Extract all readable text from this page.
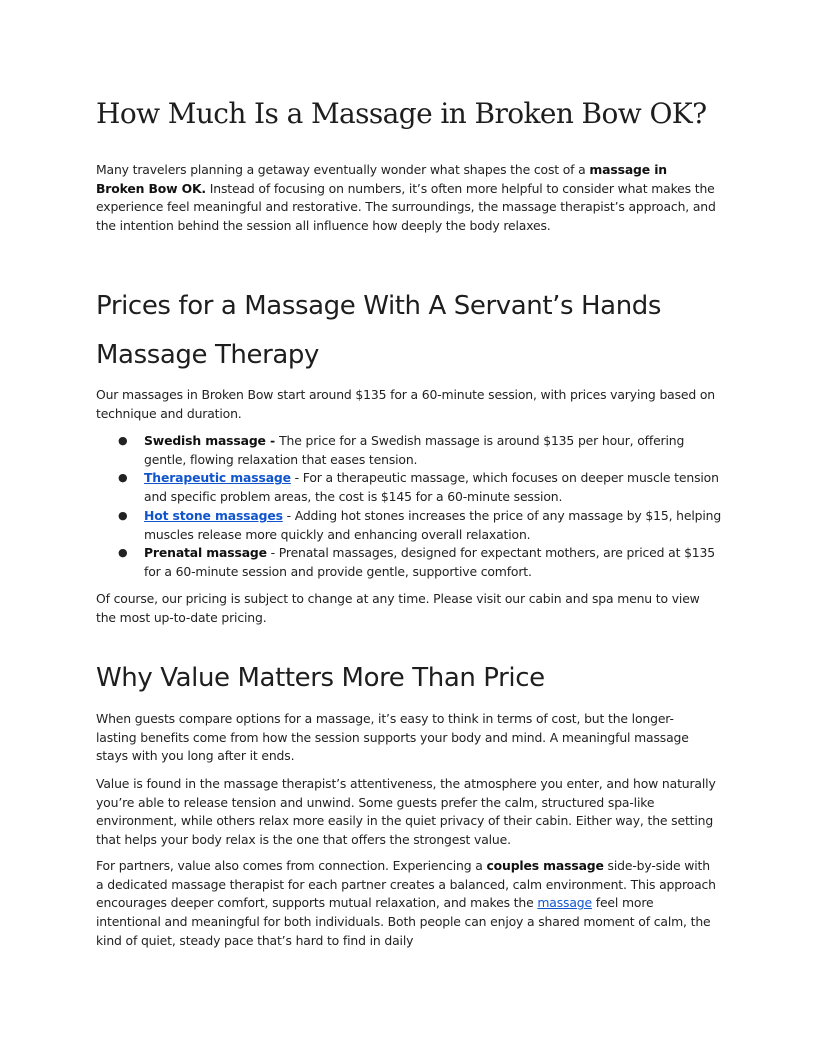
How Much Is a Massage in Broken Bow OK?

Many travelers planning a getaway eventually wonder what shapes the cost of a massage in Broken Bow OK. Instead of focusing on numbers, it’s often more helpful to consider what makes the experience feel meaningful and restorative. The surroundings, the massage therapist’s approach, and the intention behind the session all influence how deeply the body relaxes.

Prices for a Massage With A Servant’s Hands
Massage Therapy

Our massages in Broken Bow start around $135 for a 60-minute session, with prices varying based on technique and duration.

● Swedish massage - The price for a Swedish massage is around $135 per hour, offering gentle, flowing relaxation that eases tension.
● Therapeutic massage - For a therapeutic massage, which focuses on deeper muscle tension and specific problem areas, the cost is $145 for a 60-minute session.
● Hot stone massages - Adding hot stones increases the price of any massage by $15, helping muscles release more quickly and enhancing overall relaxation.
● Prenatal massage - Prenatal massages, designed for expectant mothers, are priced at $135 for a 60-minute session and provide gentle, supportive comfort.

Of course, our pricing is subject to change at any time. Please visit our cabin and spa menu to view the most up-to-date pricing.

Why Value Matters More Than Price

When guests compare options for a massage, it’s easy to think in terms of cost, but the longer-lasting benefits come from how the session supports your body and mind. A meaningful massage stays with you long after it ends.

Value is found in the massage therapist’s attentiveness, the atmosphere you enter, and how naturally you’re able to release tension and unwind. Some guests prefer the calm, structured spa-like environment, while others relax more easily in the quiet privacy of their cabin. Either way, the setting that helps your body relax is the one that offers the strongest value.

For partners, value also comes from connection. Experiencing a couples massage side-by-side with a dedicated massage therapist for each partner creates a balanced, calm environment. This approach encourages deeper comfort, supports mutual relaxation, and makes the massage feel more intentional and meaningful for both individuals. Both people can enjoy a shared moment of calm, the kind of quiet, steady pace that’s hard to find in daily
